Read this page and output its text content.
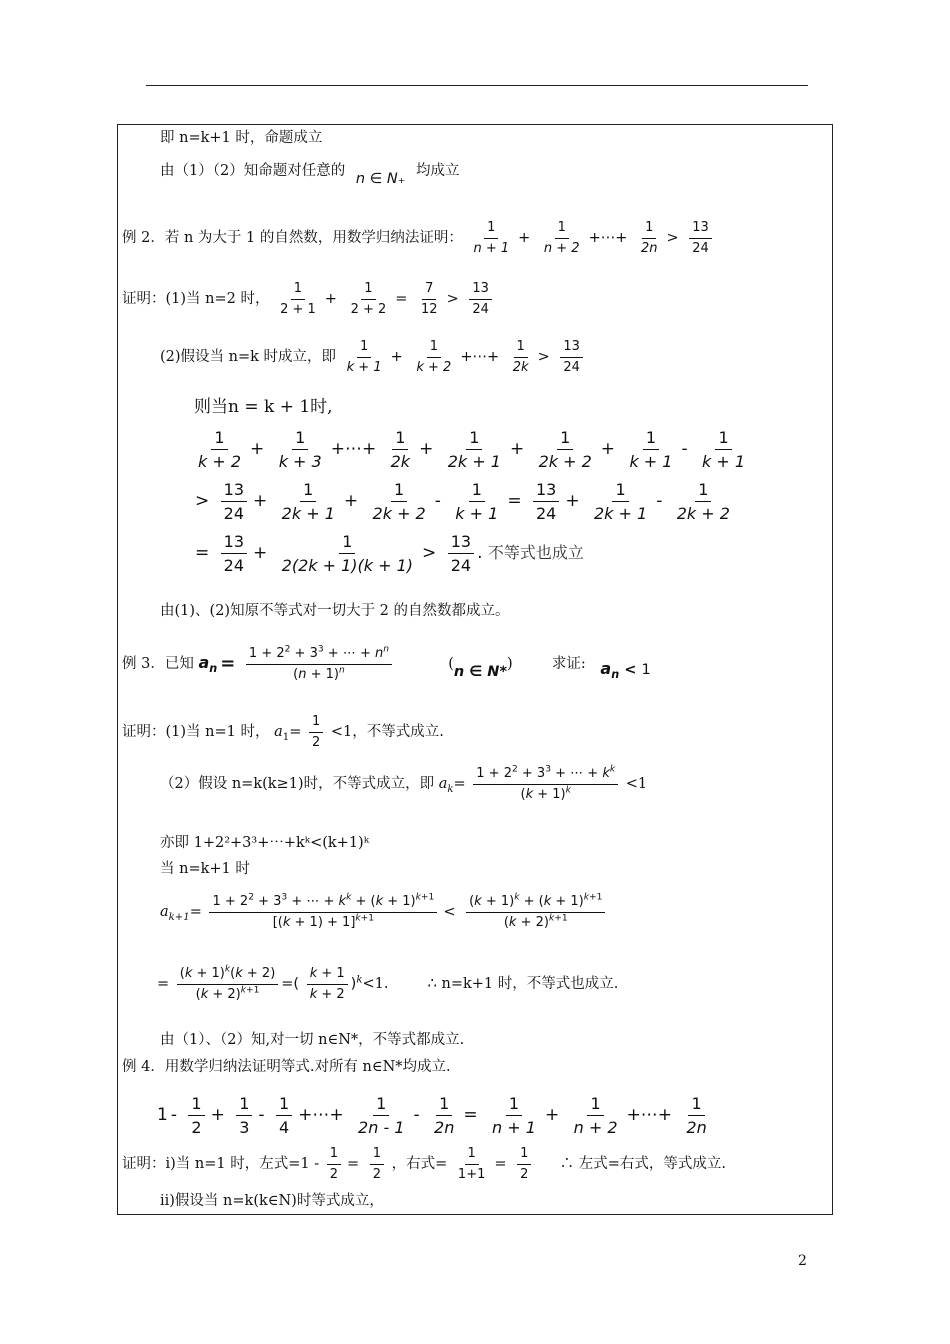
即 n=k+1 时，命题成立
由（1）（2）知命题对任意的 n ∈ N₊ 均成立
例 2．若 n 为大于 1 的自然数，用数学归纳法证明： $\frac{1}{n + 1} + \frac{1}{n + 2}$ +⋯+ $\frac{1}{2n} > \frac{13}{24}$
证明：(1)当 n=2 时， $\frac{1}{2 + 1} + \frac{1}{2 + 2} = \frac{7}{12} > \frac{13}{24}$
(2)假设当 n=k 时成立，即 $\frac{1}{k + 1} + \frac{1}{k + 2}$ +⋯+ $\frac{1}{2k} > \frac{13}{24}$
则当n = k + 1时,
$\frac{1}{k + 2} + \frac{1}{k + 3}$ +⋯+ $\frac{1}{2k} + \frac{1}{2k + 1} + \frac{1}{2k + 2} + \frac{1}{k + 1} - \frac{1}{k + 1}$
> $\frac{13}{24} + \frac{1}{2k + 1} + \frac{1}{2k + 2} - \frac{1}{k + 1} = \frac{13}{24} + \frac{1}{2k + 1} - \frac{1}{2k + 2}$
= $\frac{13}{24} + \frac{1}{2(2k + 1)(k + 1)} > \frac{13}{24}$ . 不等式也成立
由(1)、(2)知原不等式对一切大于 2 的自然数都成立。
例 3．已知 $a_n = \frac{1 + 2^2 + 3^3 + \cdots + n^n}{(n + 1)^n}$	(n ∈ N*)	求证: $a_n < 1$
证明：(1)当 n=1 时， $a_1= \frac{1}{2} <1$，不等式成立.
（2）假设 n=k(k≥1)时，不等式成立，即 $a_k= \frac{1 + 2^2 + 3^3 + \cdots + k^k}{(k + 1)^k} <1$
亦即 1+2²+3³+⋯+kᵏ<(k+1)ᵏ
当 n=k+1 时
$a_{k+1}= \frac{1 + 2^2 + 3^3 + \cdots + k^k + (k + 1)^{k+1}}{[(k + 1) + 1]^{k+1}} < \frac{(k + 1)^k + (k + 1)^{k+1}}{(k + 2)^{k+1}}$
= $\frac{(k + 1)^k(k + 2)}{(k + 2)^{k+1}}$ =( $\frac{k + 1}{k + 2} )^k<1$.	∴ n=k+1 时，不等式也成立.
由（1）、（2）知,对一切 n∈N*，不等式都成立.
例 4．用数学归纳法证明等式.对所有 n∈N*均成立.
$1 - \frac{1}{2} + \frac{1}{3} - \frac{1}{4}$ +⋯+ $\frac{1}{2n - 1} - \frac{1}{2n} = \frac{1}{n + 1} + \frac{1}{n + 2}$ +⋯+ $\frac{1}{2n}$
证明：i)当 n=1 时，左式$=1 - \frac{1}{2} = \frac{1}{2}$ ，右式= $\frac{1}{1+1} = \frac{1}{2}$ ∴ 左式=右式，等式成立.
ii)假设当 n=k(k∈N)时等式成立，
2
